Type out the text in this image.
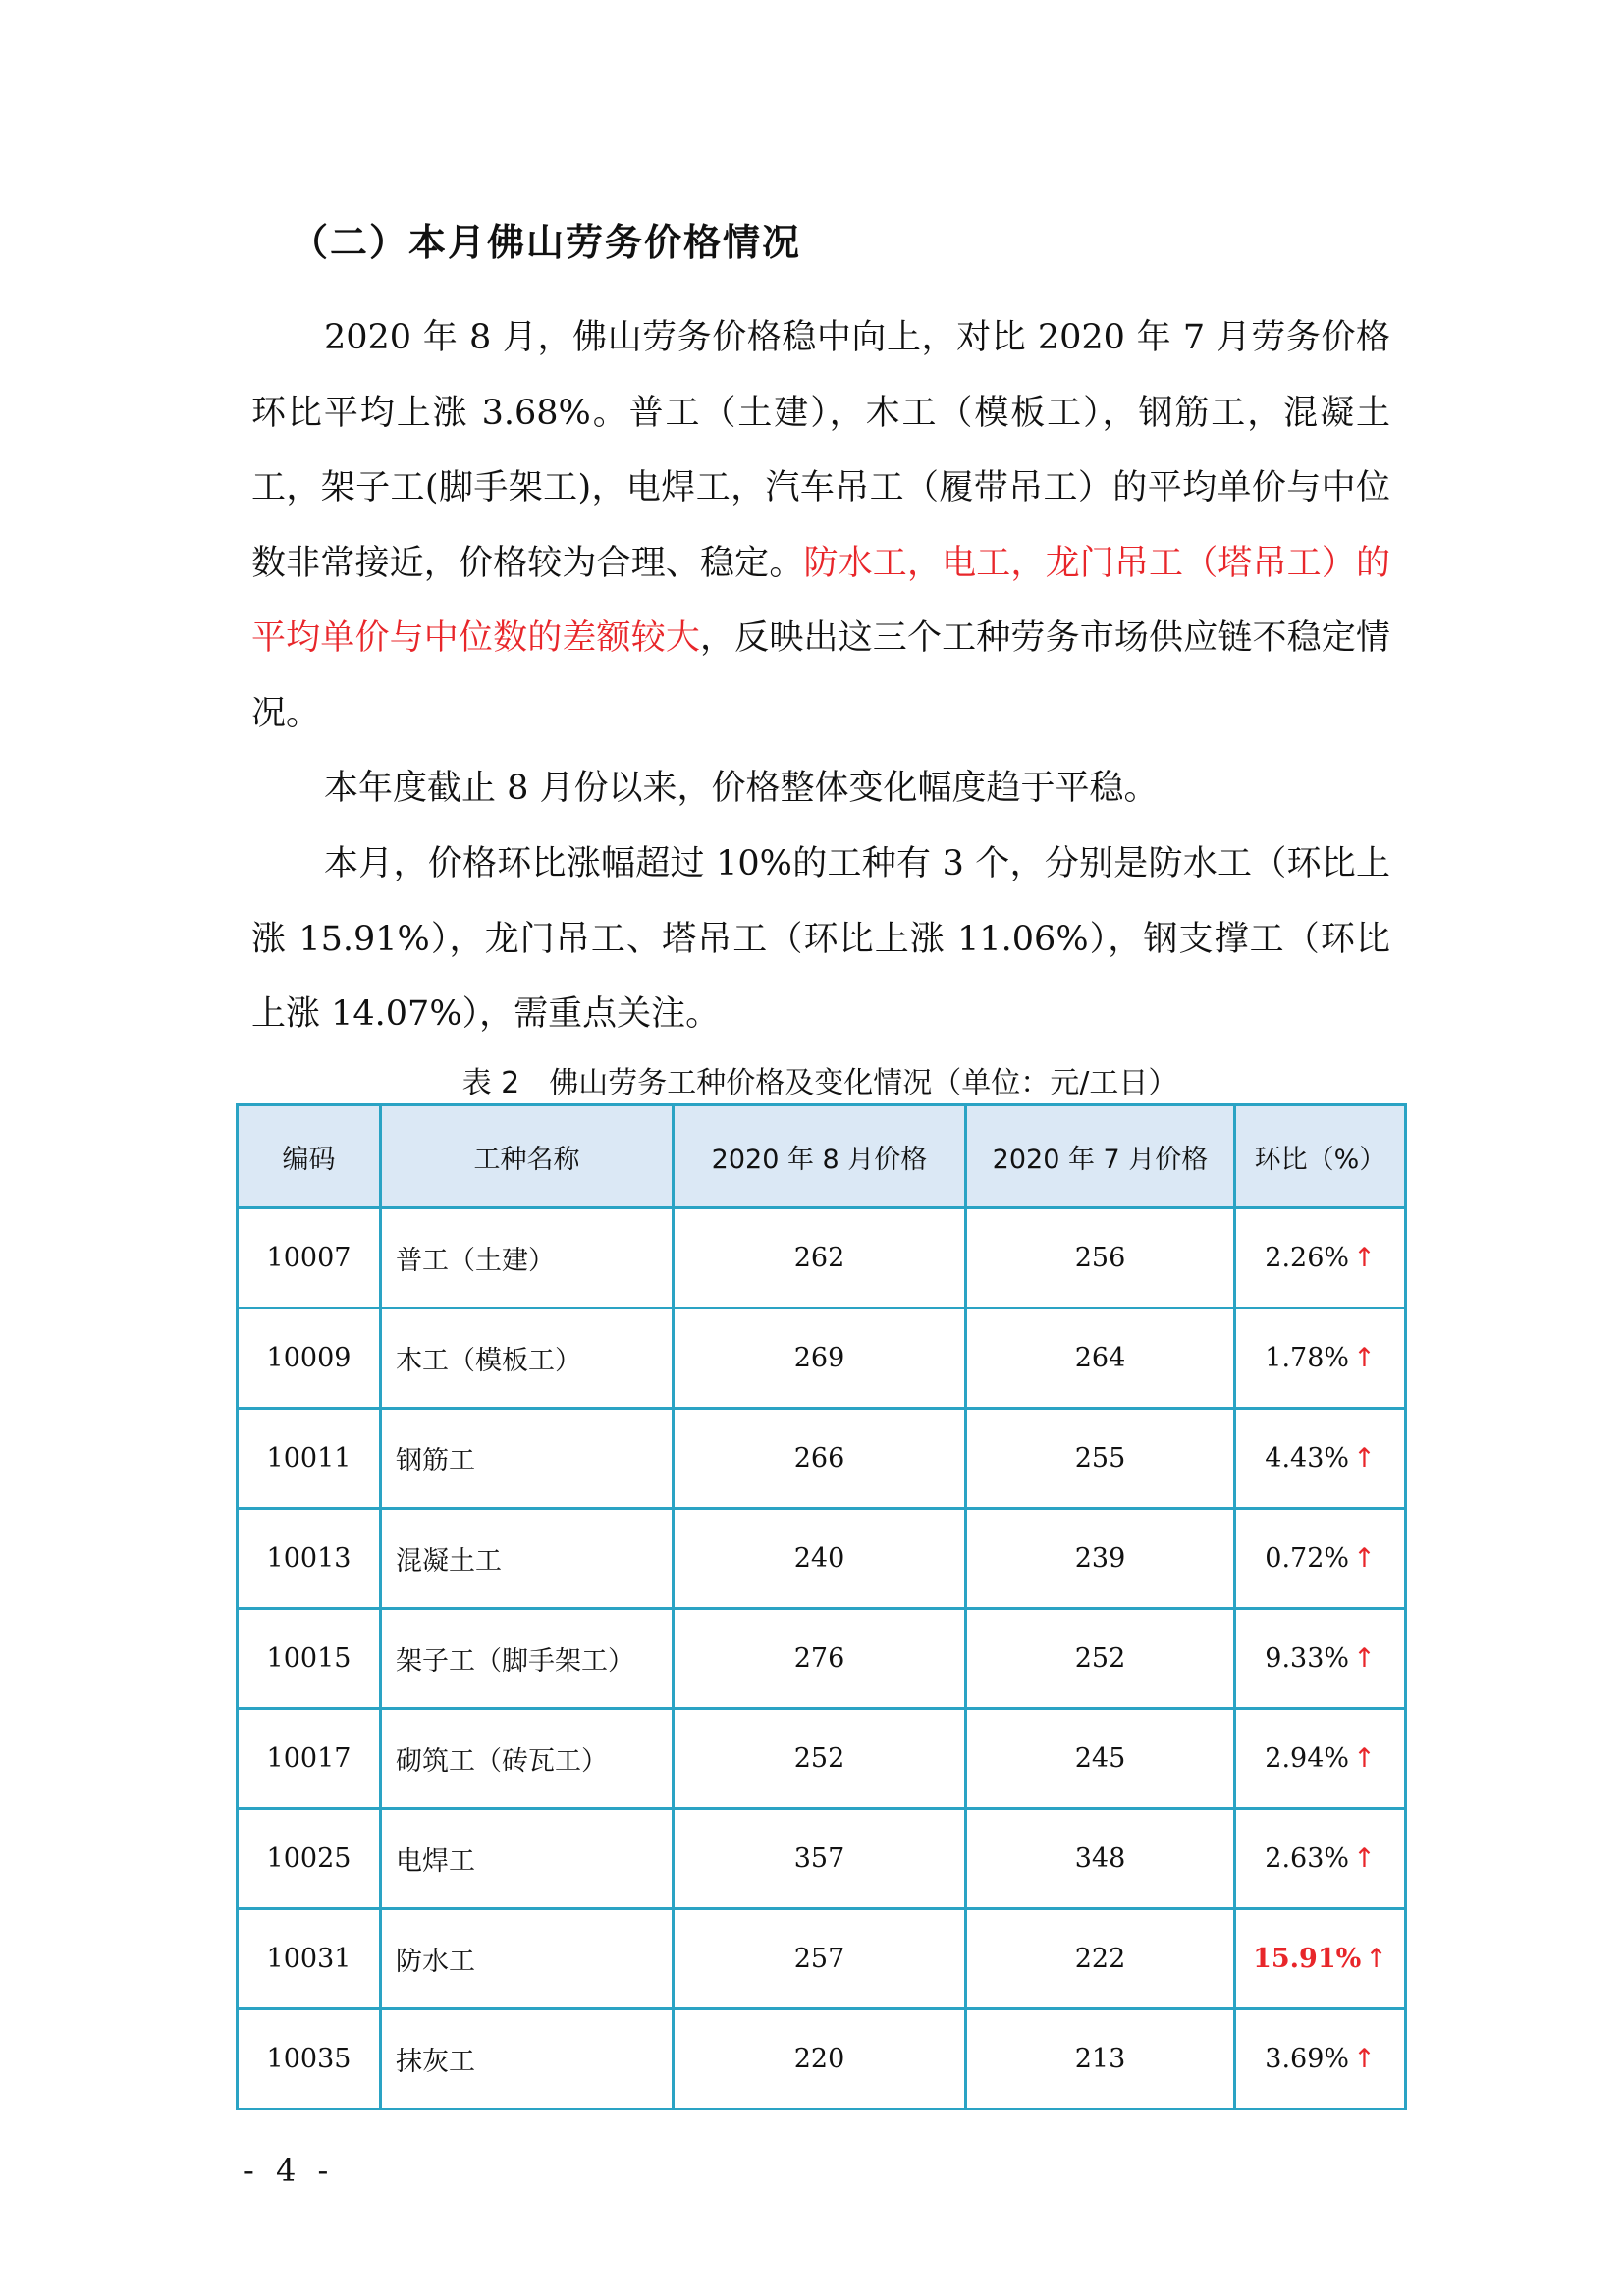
（二）本月佛山劳务价格情况

2020 年 8 月，佛山劳务价格稳中向上，对比 2020 年 7 月劳务价格环比平均上涨 3.68%。普工（土建），木工（模板工），钢筋工，混凝土工，架子工(脚手架工)，电焊工，汽车吊工（履带吊工）的平均单价与中位数非常接近，价格较为合理、稳定。防水工，电工，龙门吊工（塔吊工）的平均单价与中位数的差额较大，反映出这三个工种劳务市场供应链不稳定情况。

本年度截止 8 月份以来，价格整体变化幅度趋于平稳。

本月，价格环比涨幅超过 10%的工种有 3 个，分别是防水工（环比上涨 15.91%），龙门吊工、塔吊工（环比上涨 11.06%），钢支撑工（环比上涨 14.07%），需重点关注。

表 2　佛山劳务工种价格及变化情况（单位：元/工日）
编码	工种名称	2020 年 8 月价格	2020 年 7 月价格	环比（%）
10007	普工（土建）	262	256	2.26% ↑
10009	木工（模板工）	269	264	1.78% ↑
10011	钢筋工	266	255	4.43% ↑
10013	混凝土工	240	239	0.72% ↑
10015	架子工（脚手架工）	276	252	9.33% ↑
10017	砌筑工（砖瓦工）	252	245	2.94% ↑
10025	电焊工	357	348	2.63% ↑
10031	防水工	257	222	15.91% ↑
10035	抹灰工	220	213	3.69% ↑
- 4 -
